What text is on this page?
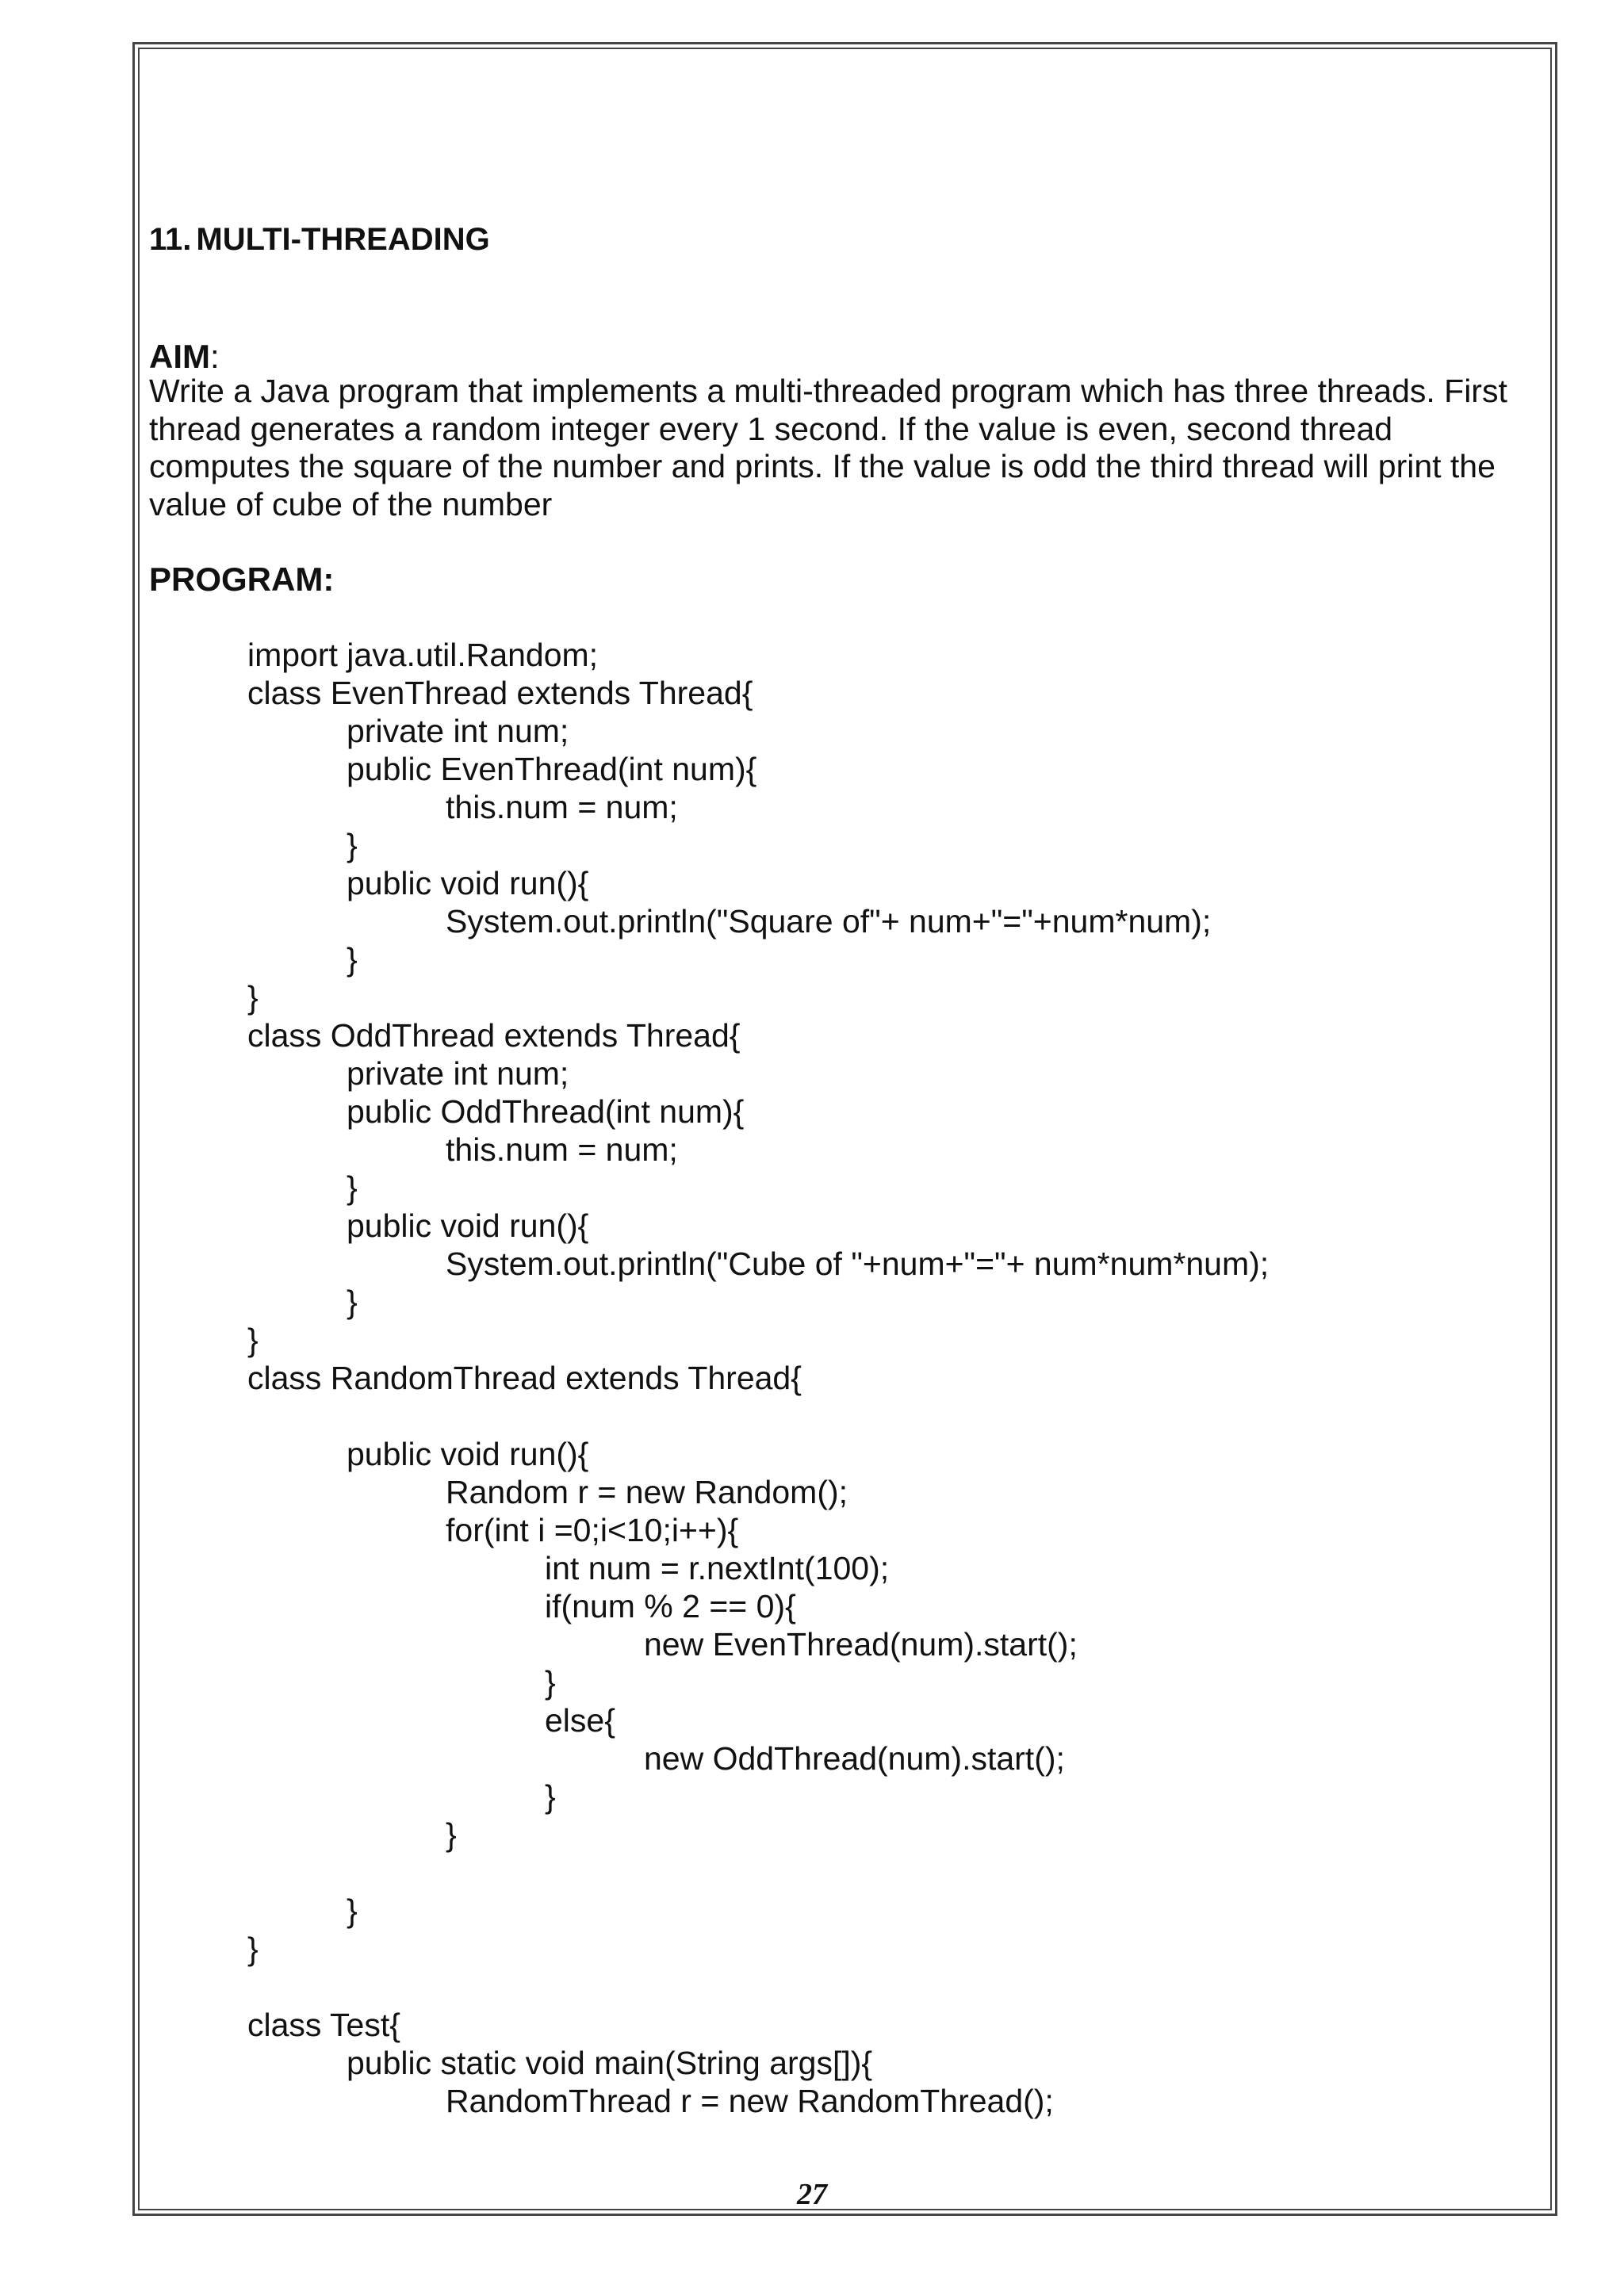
11. MULTI-THREADING
AIM:
Write a Java program that implements a multi-threaded program which has three threads. First
thread generates a random integer every 1 second. If the value is even, second thread
computes the square of the number and prints. If the value is odd the third thread will print the
value of cube of the number
PROGRAM:
import java.util.Random;
class EvenThread extends Thread{
private int num;
public EvenThread(int num){
this.num = num;
}
public void run(){
System.out.println("Square of"+ num+"="+num*num);
}
}
class OddThread extends Thread{
private int num;
public OddThread(int num){
this.num = num;
}
public void run(){
System.out.println("Cube of "+num+"="+ num*num*num);
}
}
class RandomThread extends Thread{
public void run(){
Random r = new Random();
for(int i =0;i<10;i++){
int num = r.nextInt(100);
if(num % 2 == 0){
new EvenThread(num).start();
}
else{
new OddThread(num).start();
}
}
}
}
class Test{
public static void main(String args[]){
RandomThread r = new RandomThread();
27
